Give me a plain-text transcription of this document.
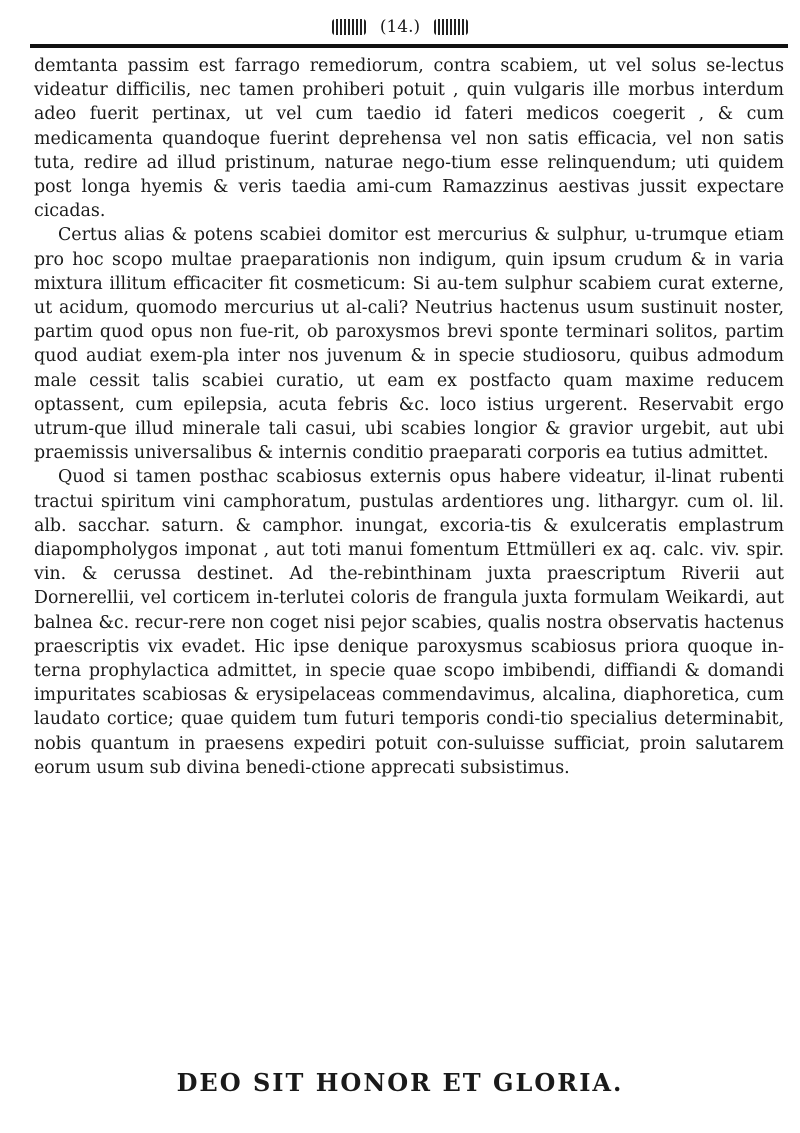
(14.)

demtanta passim est farrago remediorum, contra scabiem, ut vel solus se-lectus videatur difficilis, nec tamen prohiberi potuit , quin vulgaris ille morbus interdum adeo fuerit pertinax, ut vel cum taedio id fateri medicos coegerit , & cum medicamenta quandoque fuerint deprehensa vel non satis efficacia, vel non satis tuta, redire ad illud pristinum, naturae nego-tium esse relinquendum; uti quidem post longa hyemis & veris taedia ami-cum Ramazzinus aestivas jussit expectare cicadas.

Certus alias & potens scabiei domitor est mercurius & sulphur, u-trumque etiam pro hoc scopo multae praeparationis non indigum, quin ipsum crudum & in varia mixtura illitum efficaciter fit cosmeticum: Si au-tem sulphur scabiem curat externe, ut acidum, quomodo mercurius ut al-cali? Neutrius hactenus usum sustinuit noster, partim quod opus non fue-rit, ob paroxysmos brevi sponte terminari solitos, partim quod audiat exem-pla inter nos juvenum & in specie studiosoru, quibus admodum male cessit talis scabiei curatio, ut eam ex postfacto quam maxime reducem optassent, cum epilepsia, acuta febris &c. loco istius urgerent. Reservabit ergo utrum-que illud minerale tali casui, ubi scabies longior & gravior urgebit, aut ubi praemissis universalibus & internis conditio praeparati corporis ea tutius admittet.

Quod si tamen posthac scabiosus externis opus habere videatur, il-linat rubenti tractui spiritum vini camphoratum, pustulas ardentiores ung. lithargyr. cum ol. lil. alb. sacchar. saturn. & camphor. inungat, excoria-tis & exulceratis emplastrum diapompholygos imponat , aut toti manui fomentum Ettmülleri ex aq. calc. viv. spir. vin. & cerussa destinet. Ad the-rebinthinam juxta praescriptum Riverii aut Dornerellii, vel corticem in-terlutei coloris de frangula juxta formulam Weikardi, aut balnea &c. recur-rere non coget nisi pejor scabies, qualis nostra observatis hactenus praescriptis vix evadet. Hic ipse denique paroxysmus scabiosus priora quoque in-terna prophylactica admittet, in specie quae scopo imbibendi, diffiandi & domandi impuritates scabiosas & erysipelaceas commendavimus, alcalina, diaphoretica, cum laudato cortice; quae quidem tum futuri temporis condi-tio specialius determinabit, nobis quantum in praesens expediri potuit con-suluisse sufficiat, proin salutarem eorum usum sub divina benedi-ctione apprecati subsistimus.

DEO SIT HONOR ET GLORIA.
